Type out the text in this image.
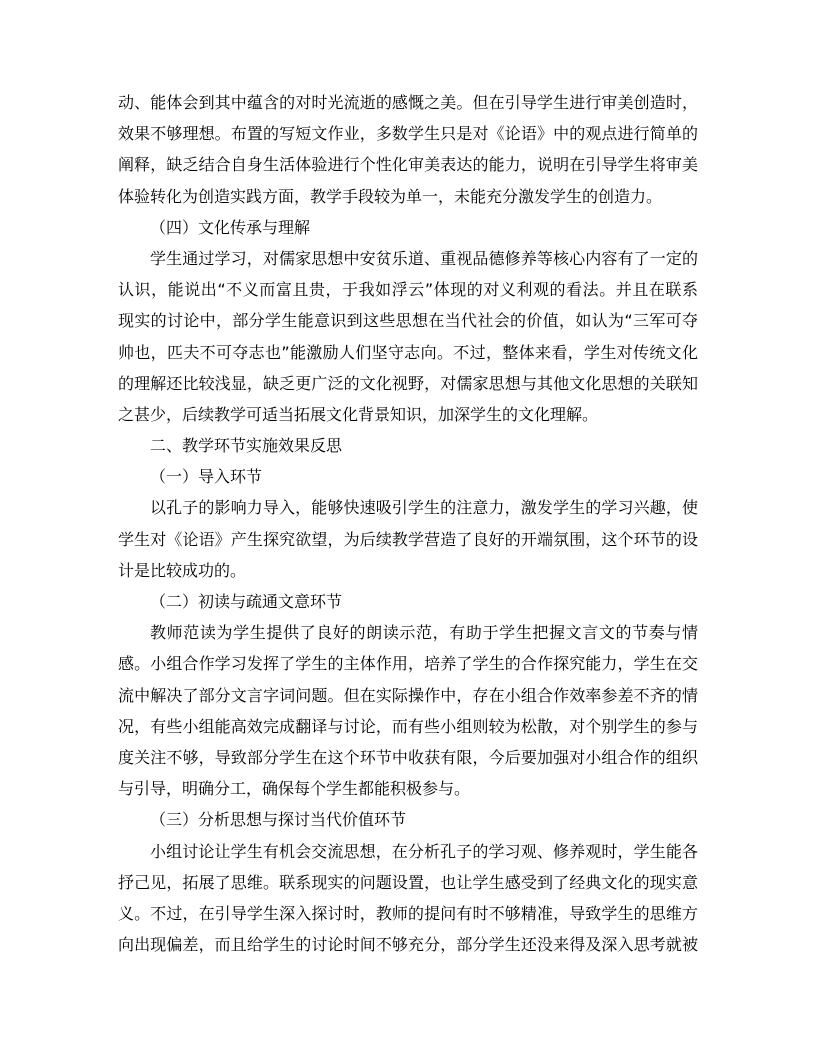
动、能体会到其中蕴含的对时光流逝的感慨之美。但在引导学生进行审美创造时，
效果不够理想。布置的写短文作业，多数学生只是对《论语》中的观点进行简单的
阐释，缺乏结合自身生活体验进行个性化审美表达的能力，说明在引导学生将审美
体验转化为创造实践方面，教学手段较为单一，未能充分激发学生的创造力。
（四）文化传承与理解
学生通过学习，对儒家思想中安贫乐道、重视品德修养等核心内容有了一定的
认识，能说出“不义而富且贵，于我如浮云”体现的对义利观的看法。并且在联系
现实的讨论中，部分学生能意识到这些思想在当代社会的价值，如认为“三军可夺
帅也，匹夫不可夺志也”能激励人们坚守志向。不过，整体来看，学生对传统文化
的理解还比较浅显，缺乏更广泛的文化视野，对儒家思想与其他文化思想的关联知
之甚少，后续教学可适当拓展文化背景知识，加深学生的文化理解。
二、教学环节实施效果反思
（一）导入环节
以孔子的影响力导入，能够快速吸引学生的注意力，激发学生的学习兴趣，使
学生对《论语》产生探究欲望，为后续教学营造了良好的开端氛围，这个环节的设
计是比较成功的。
（二）初读与疏通文意环节
教师范读为学生提供了良好的朗读示范，有助于学生把握文言文的节奏与情
感。小组合作学习发挥了学生的主体作用，培养了学生的合作探究能力，学生在交
流中解决了部分文言字词问题。但在实际操作中，存在小组合作效率参差不齐的情
况，有些小组能高效完成翻译与讨论，而有些小组则较为松散，对个别学生的参与
度关注不够，导致部分学生在这个环节中收获有限，今后要加强对小组合作的组织
与引导，明确分工，确保每个学生都能积极参与。
（三）分析思想与探讨当代价值环节
小组讨论让学生有机会交流思想，在分析孔子的学习观、修养观时，学生能各
抒己见，拓展了思维。联系现实的问题设置，也让学生感受到了经典文化的现实意
义。不过，在引导学生深入探讨时，教师的提问有时不够精准，导致学生的思维方
向出现偏差，而且给学生的讨论时间不够充分，部分学生还没来得及深入思考就被
